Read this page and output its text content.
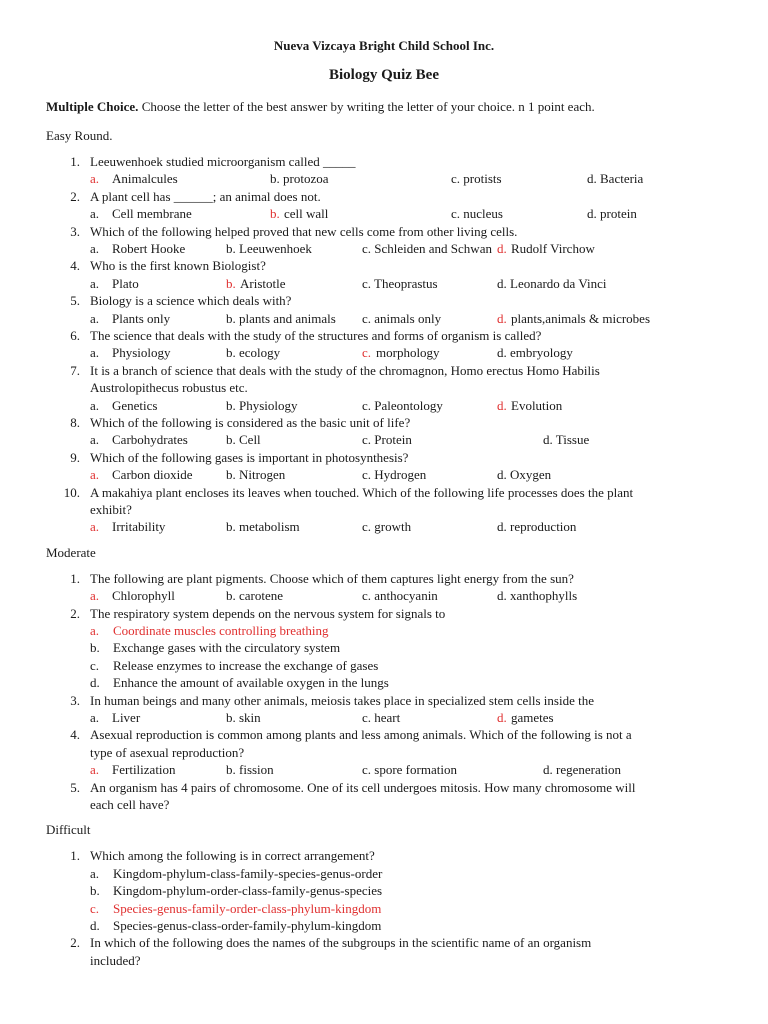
Nueva Vizcaya Bright Child School Inc.
Biology Quiz Bee
Multiple Choice. Choose the letter of the best answer by writing the letter of your choice. n 1 point each.
Easy Round.
1. Leeuwenhoek studied microorganism called _____
a. Animalcules	b. protozoa	c. protists	d. Bacteria
2. A plant cell has ______; an animal does not.
a. Cell membrane	b. cell wall	c. nucleus	d. protein
3. Which of the following helped proved that new cells come from other living cells.
a. Robert Hooke	b. Leeuwenhoek	c. Schleiden and Schwan d. Rudolf Virchow
4. Who is the first known Biologist?
a. Plato	b. Aristotle	c. Theoprastus	d. Leonardo da Vinci
5. Biology is a science which deals with?
a. Plants only	b. plants and animals c. animals only	d. plants,animals & microbes
6. The science that deals with the study of the structures and forms of organism is called?
a. Physiology	b. ecology	c. morphology	d. embryology
7. It is a branch of science that deals with the study of the chromagnon, Homo erectus Homo Habilis
Austrolopithecus robustus etc.
a. Genetics	b. Physiology	c. Paleontology	d. Evolution
8. Which of the following is considered as the basic unit of life?
a. Carbohydrates	b. Cell	c. Protein	d. Tissue
9. Which of the following gases is important in photosynthesis?
a. Carbon dioxide	b. Nitrogen	c. Hydrogen	d. Oxygen
10. A makahiya plant encloses its leaves when touched. Which of the following life processes does the plant
exhibit?
a. Irritability	b. metabolism	c. growth	d. reproduction
Moderate
1. The following are plant pigments. Choose which of them captures light energy from the sun?
a. Chlorophyll	b. carotene	c. anthocyanin	d. xanthophylls
2. The respiratory system depends on the nervous system for signals to
a. Coordinate muscles controlling breathing
b. Exchange gases with the circulatory system
c. Release enzymes to increase the exchange of gases
d. Enhance the amount of available oxygen in the lungs
3. In human beings and many other animals, meiosis takes place in specialized stem cells inside the
a. Liver	b. skin	c. heart	d. gametes
4. Asexual reproduction is common among plants and less among animals. Which of the following is not a
type of asexual reproduction?
a. Fertilization	b. fission	c. spore formation	d. regeneration
5. An organism has 4 pairs of chromosome. One of its cell undergoes mitosis. How many chromosome will
each cell have?
Difficult
1. Which among the following is in correct arrangement?
a. Kingdom-phylum-class-family-species-genus-order
b. Kingdom-phylum-order-class-family-genus-species
c. Species-genus-family-order-class-phylum-kingdom
d. Species-genus-class-order-family-phylum-kingdom
2. In which of the following does the names of the subgroups in the scientific name of an organism
included?
